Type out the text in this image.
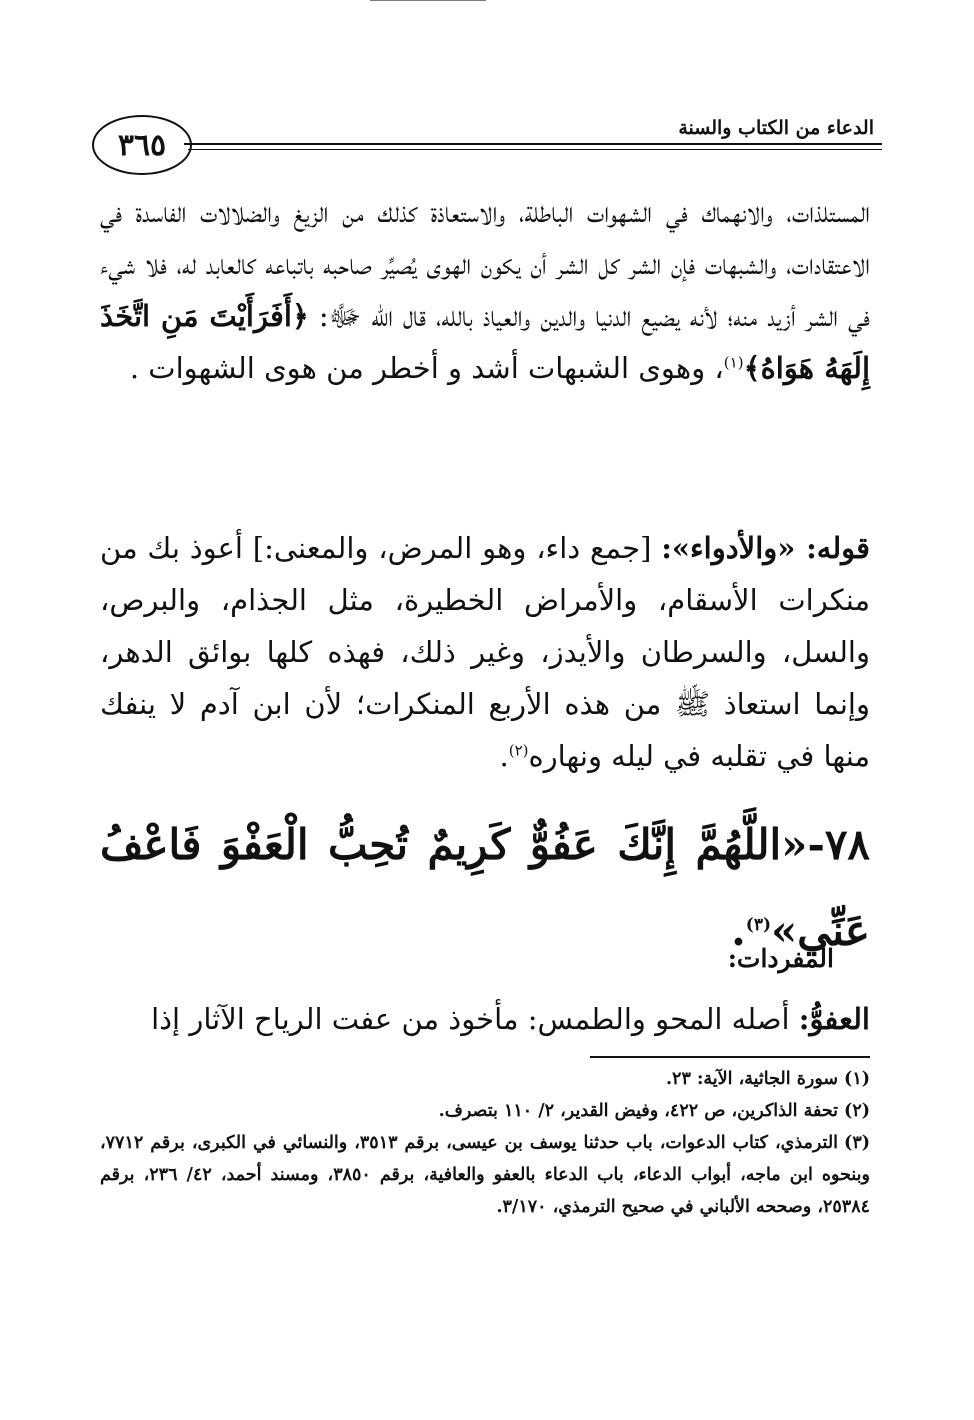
٣٦٥	الدعاء من الكتاب والسنة
المستلذات، والانهماك في الشهوات الباطلة، والاستعاذة كذلك من الزيغ والضلالات الفاسدة في الاعتقادات، والشبهات فإن الشر كل الشر أن يكون الهوى يُصيِّر صاحبه باتباعه كالعابد له، فلا شيء في الشر أزيد منه؛ لأنه يضيع الدنيا والدين والعياذ بالله، قال الله ﷻ: ﴿أَفَرَأَيْتَ مَنِ اتَّخَذَ إِلَهَهُ هَوَاهُ﴾$^{(١)}$، وهوى الشبهات أشد و أخطر من هوى الشهوات .
قوله: «والأدواء»: [جمع داء، وهو المرض، والمعنى:] أعوذ بك من منكرات الأسقام، والأمراض الخطيرة، مثل الجذام، والبرص، والسل، والسرطان والأيدز، وغير ذلك، فهذه كلها بوائق الدهر، وإنما استعاذ ﷺ من هذه الأربع المنكرات؛ لأن ابن آدم لا ينفك منها في تقلبه في ليله ونهاره$^{(٢)}$.
٧٨-«اللَّهُمَّ إِنَّكَ عَفُوٌّ كَرِيمٌ تُحِبُّ الْعَفْوَ فَاعْفُ عَنِّي»$^{(٣)}$.
المفردات:
العفوُّ: أصله المحو والطمس: مأخوذ من عفت الرياح الآثار إذا

(١)سورة الجاثية، الآية: ٢٣.

(٢)تحفة الذاكرين، ص ٤٢٢، وفيض القدير، ٢/ ١١٠ بتصرف.

(٣)الترمذي، كتاب الدعوات، باب حدثنا يوسف بن عيسى، برقم ٣٥١٣، والنسائي في الكبرى، برقم ٧٧١٢، وبنحوه ابن ماجه، أبواب الدعاء، باب الدعاء بالعفو والعافية، برقم ٣٨٥٠، ومسند أحمد، ٤٢/ ٢٣٦، برقم ٢٥٣٨٤، وصححه الألباني في صحيح الترمذي، ٣/١٧٠.
